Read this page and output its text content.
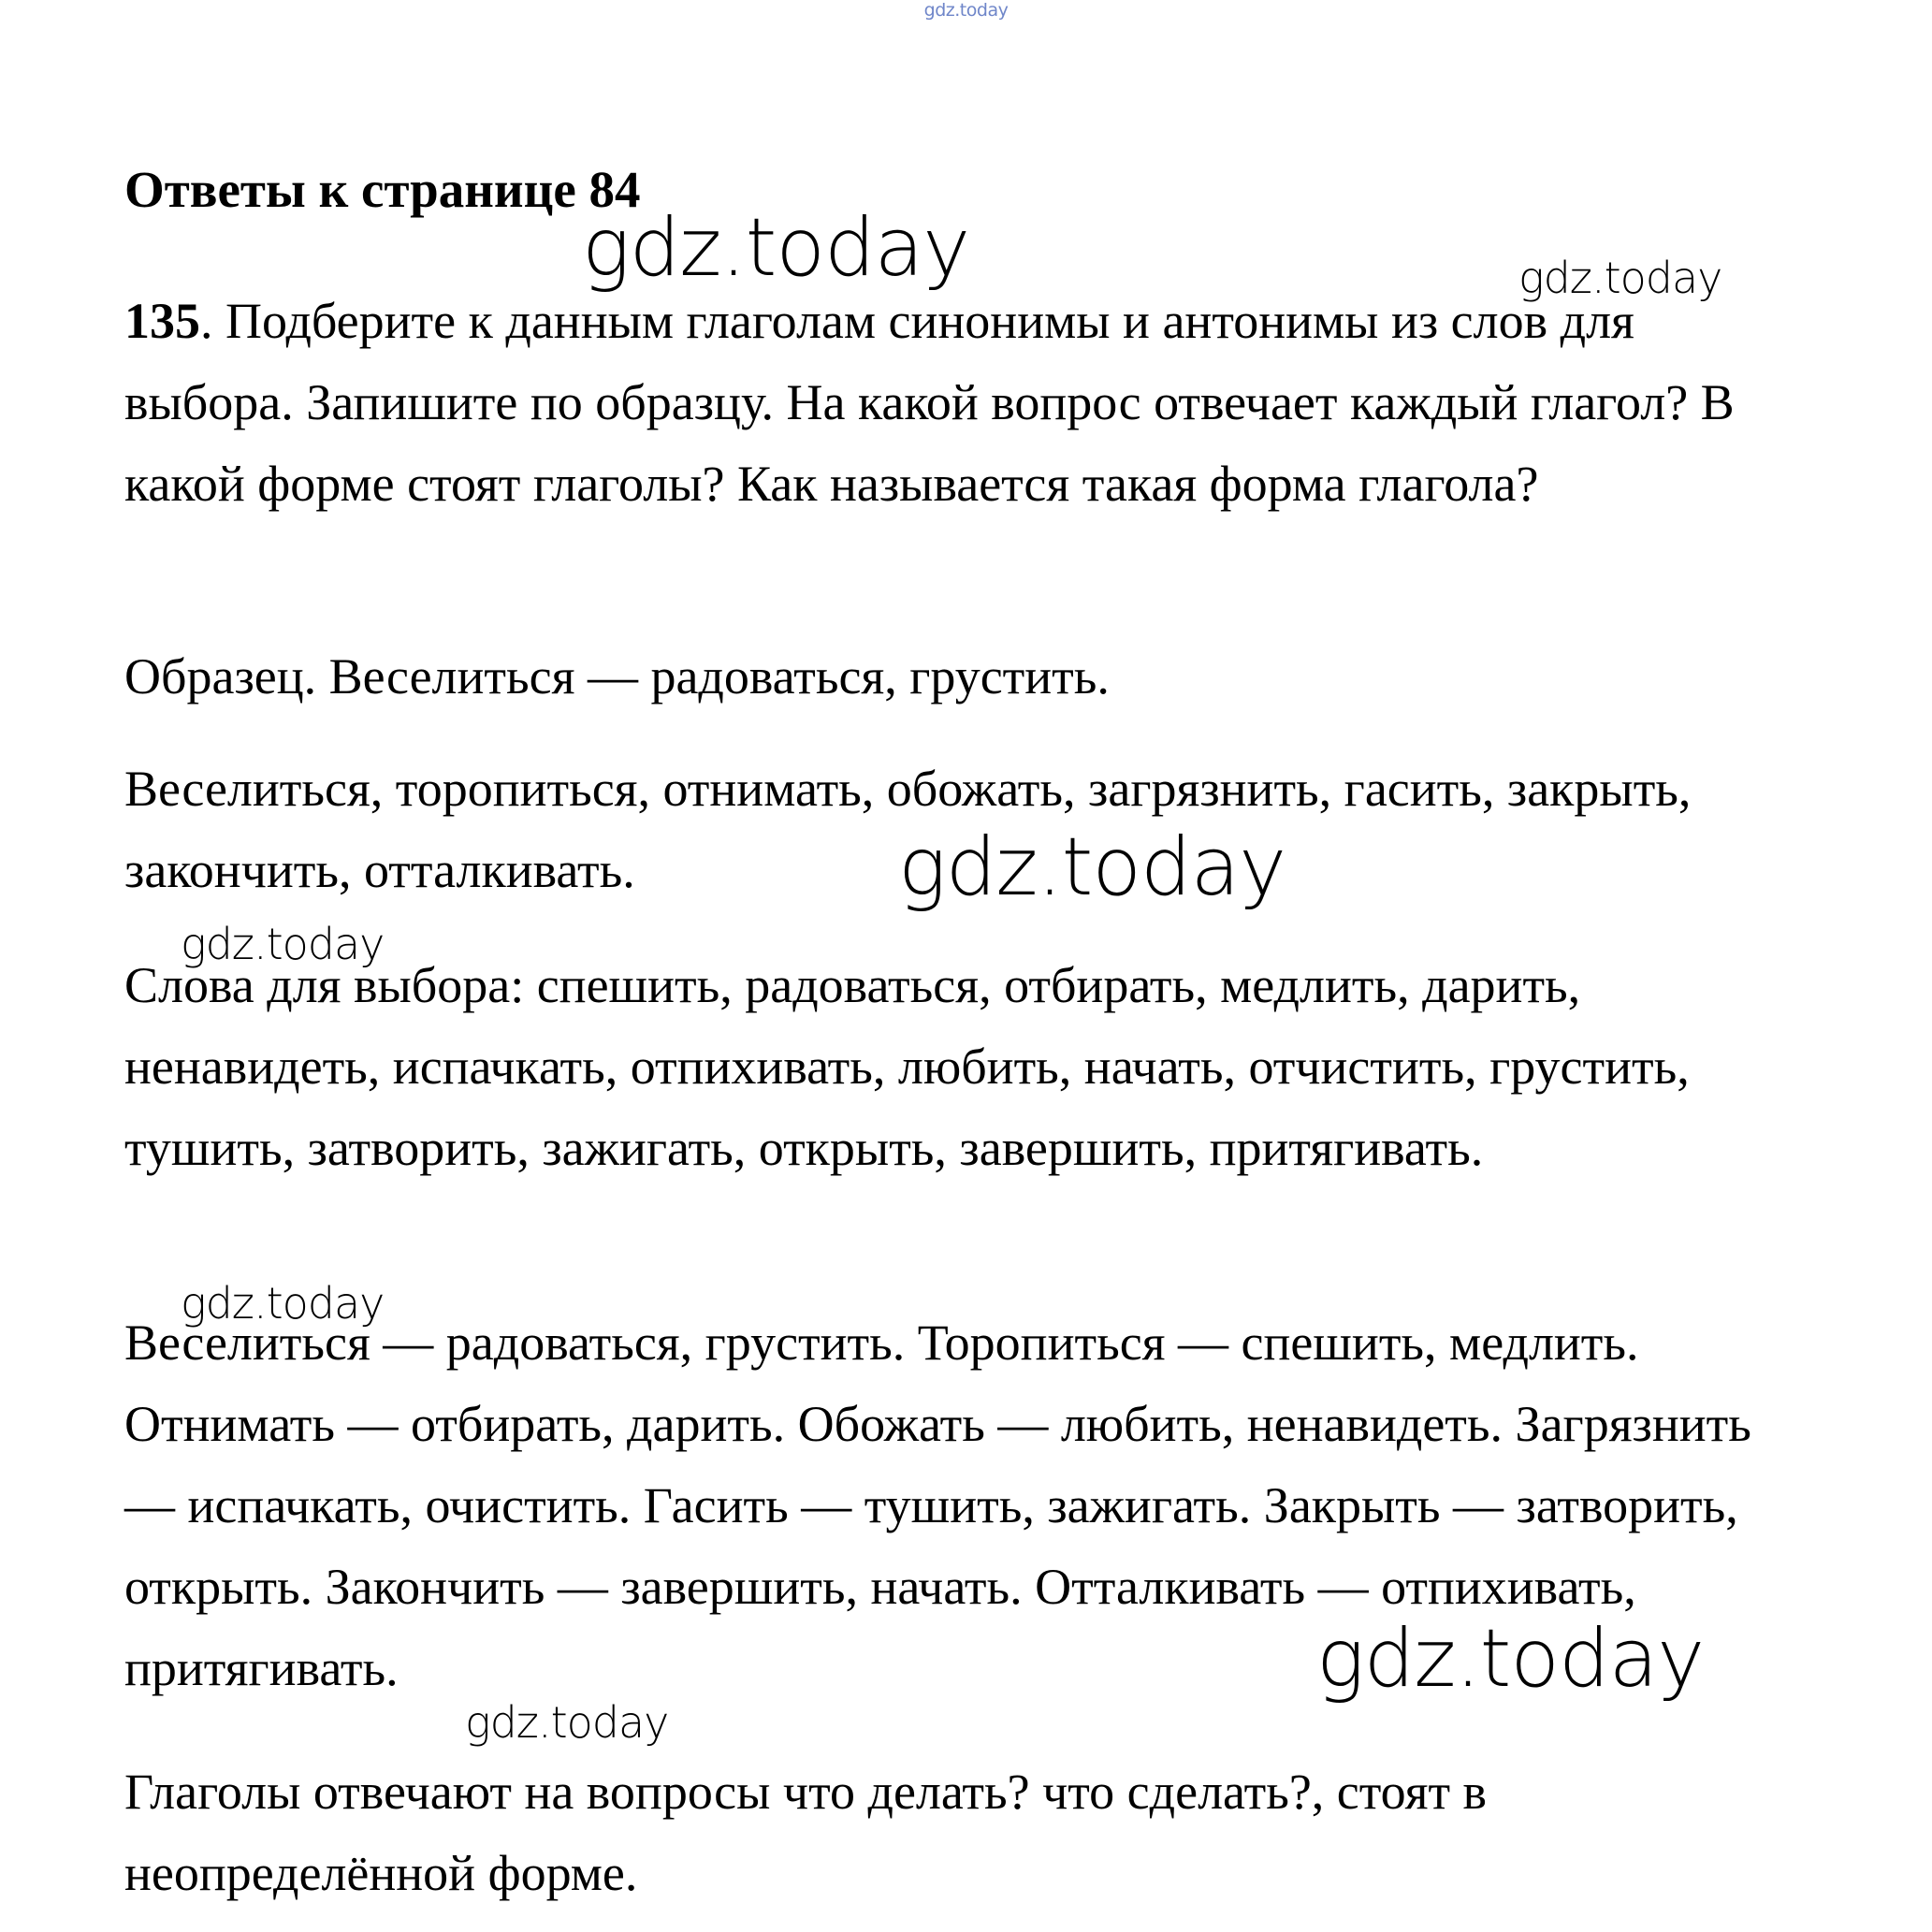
gdz.today
Ответы к странице 84
135. Подберите к данным глаголам синонимы и антонимы из слов для выбора. Запишите по образцу. На какой вопрос отвечает каждый глагол? В какой форме стоят глаголы? Как называется такая форма глагола?
Образец. Веселиться — радоваться, грустить.
Веселиться, торопиться, отнимать, обожать, загрязнить, гасить, закрыть, закончить, отталкивать.
Слова для выбора: спешить, радоваться, отбирать, медлить, дарить, ненавидеть, испачкать, отпихивать, любить, начать, отчистить, грустить, тушить, затворить, зажигать, открыть, завершить, притягивать.
Веселиться — радоваться, грустить. Торопиться — спешить, медлить. Отнимать — отбирать, дарить. Обожать — любить, ненавидеть. Загрязнить — испачкать, очистить. Гасить — тушить, зажигать. Закрыть — затворить, открыть. Закончить — завершить, начать. Отталкивать — отпихивать, притягивать.
Глаголы отвечают на вопросы что делать? что сделать?, стоят в неопределённой форме.
gdz.today	gdz.today
gdz.today
gdz.today
gdz.today
gdz.today
gdz.today
